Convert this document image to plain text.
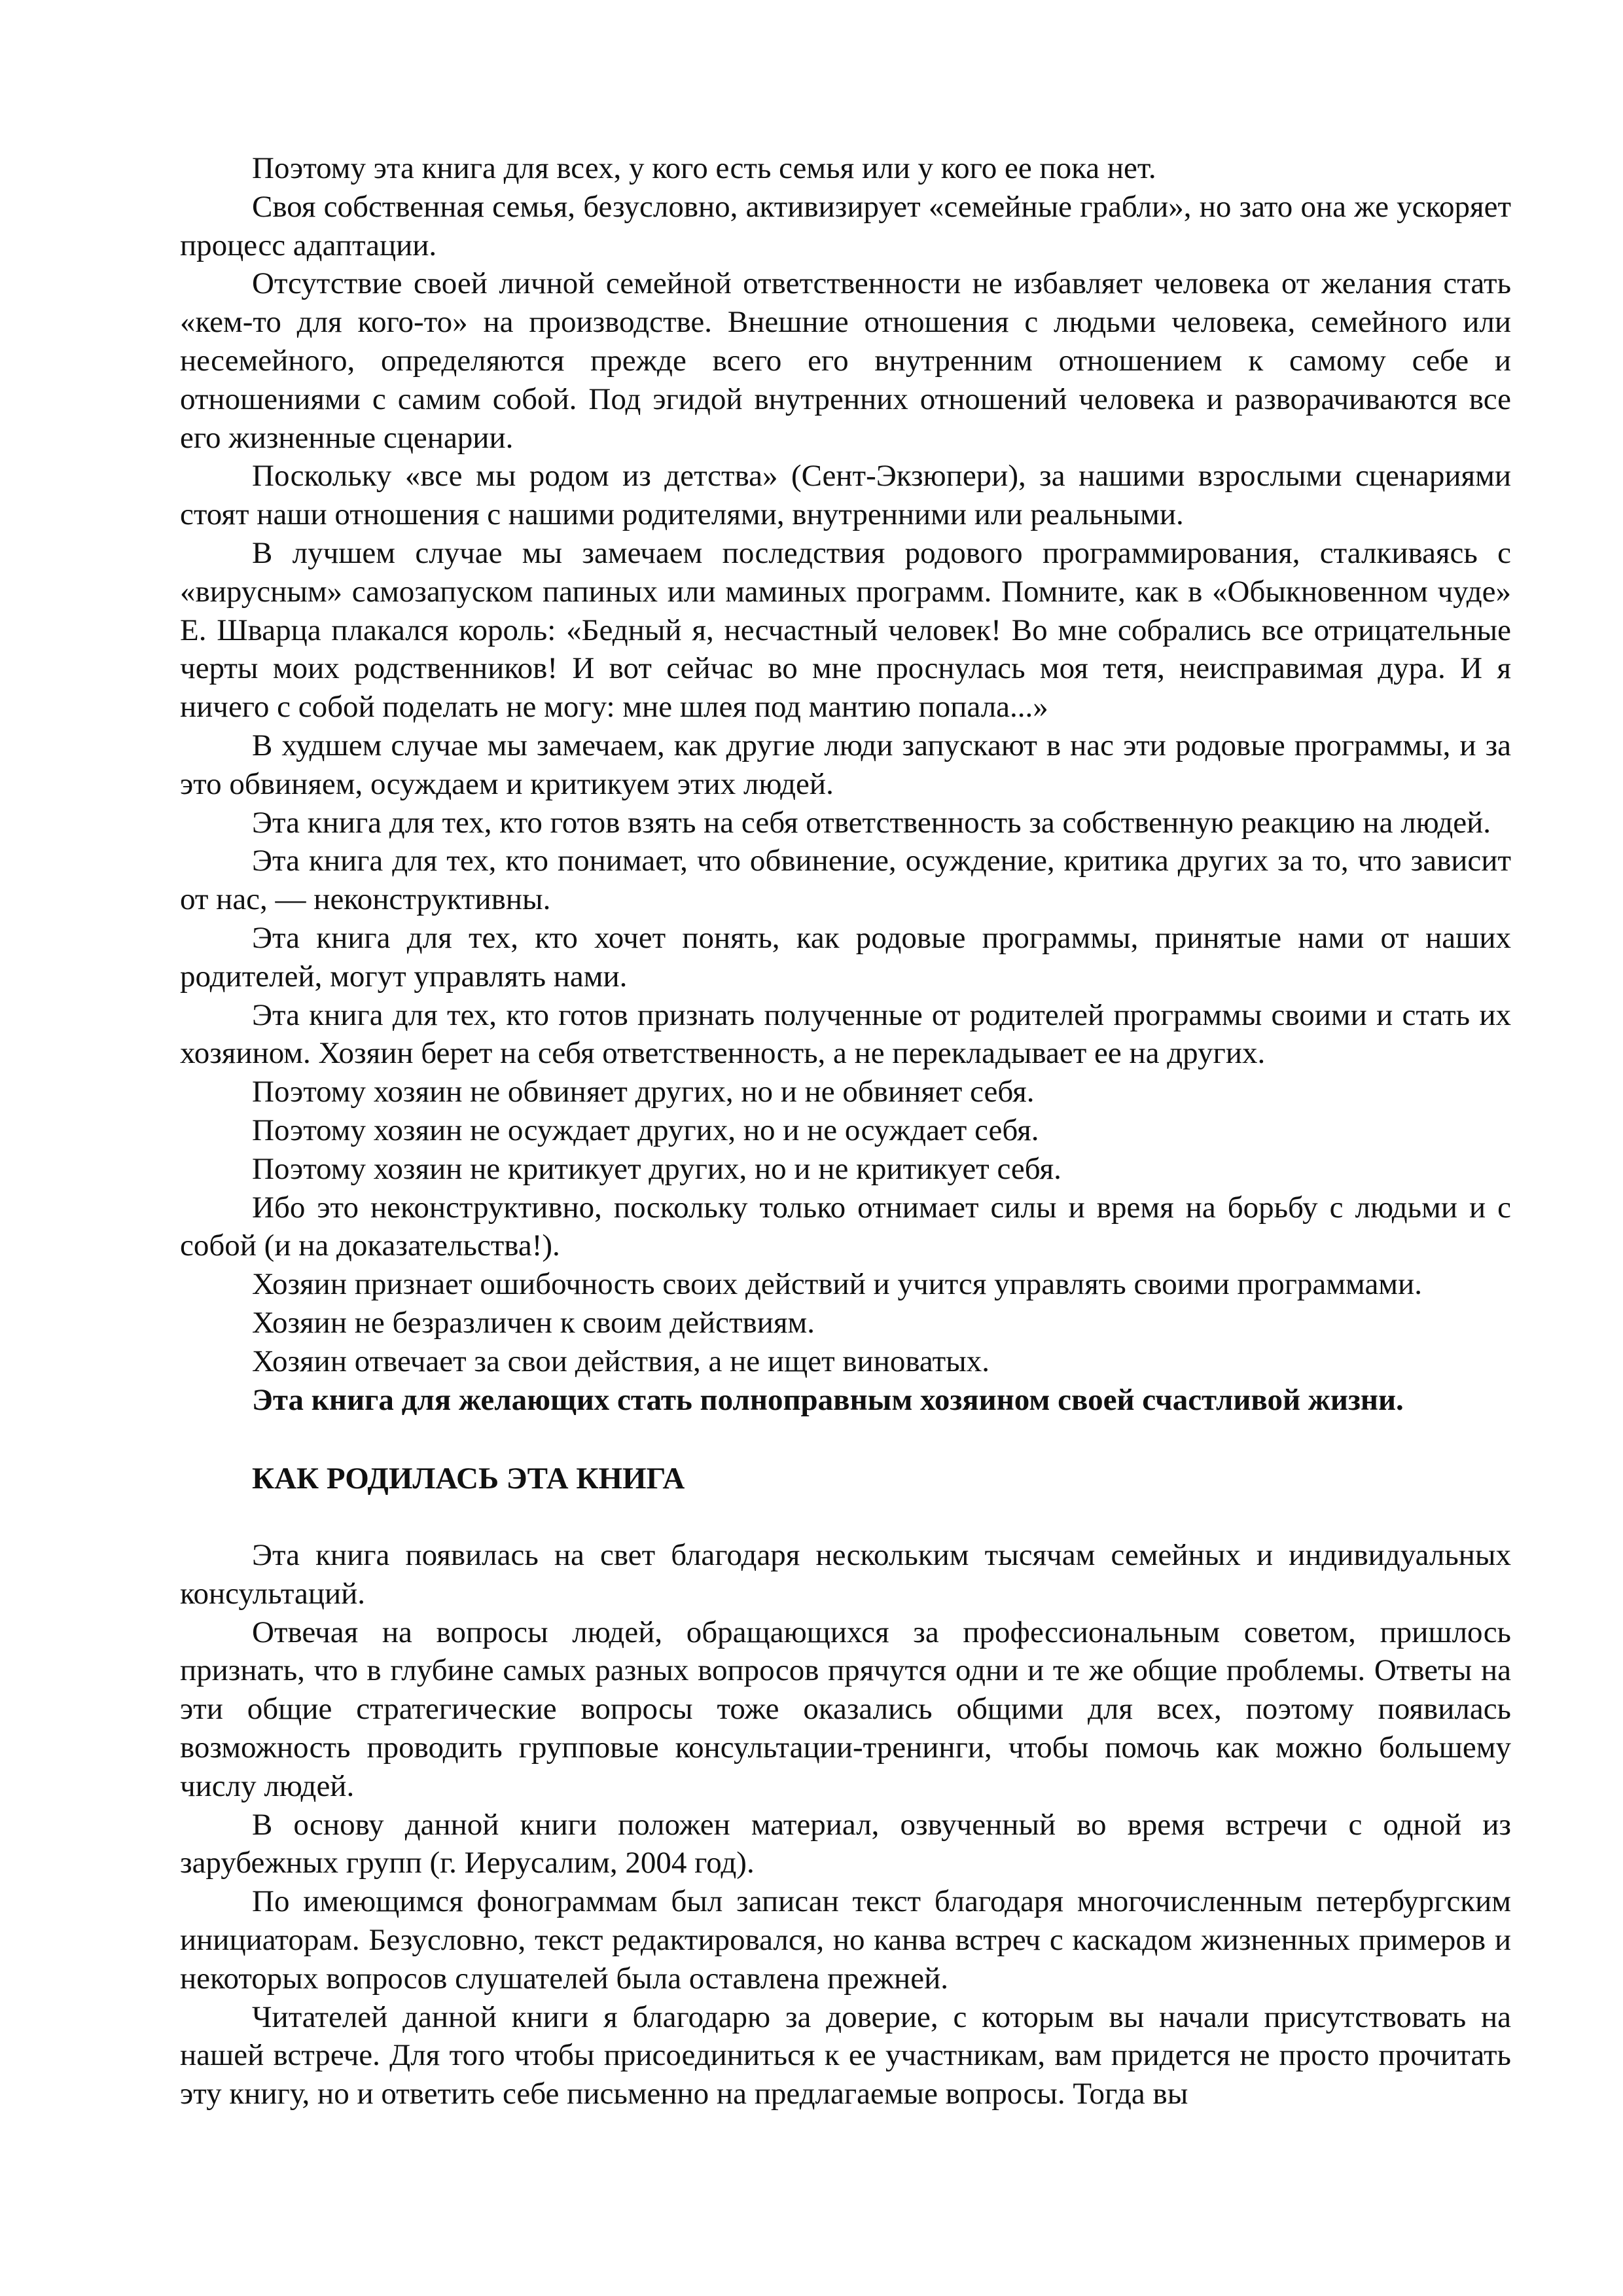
Поэтому эта книга для всех, у кого есть семья или у кого ее пока нет.

Своя собственная семья, безусловно, активизирует «семейные грабли», но зато она же ускоряет процесс адаптации.

Отсутствие своей личной семейной ответственности не избавляет человека от желания стать «кем-то для кого-то» на производстве. Внешние отношения с людьми человека, семейного или несемейного, определяются прежде всего его внутренним отношением к самому себе и отношениями с самим собой. Под эгидой внутренних отношений человека и разворачиваются все его жизненные сценарии.

Поскольку «все мы родом из детства» (Сент-Экзюпери), за нашими взрослыми сценариями стоят наши отношения с нашими родителями, внутренними или реальными.

В лучшем случае мы замечаем последствия родового программирования, сталкиваясь с «вирусным» самозапуском папиных или маминых программ. Помните, как в «Обыкновенном чуде» Е. Шварца плакался король: «Бедный я, несчастный человек! Во мне собрались все отрицательные черты моих родственников! И вот сейчас во мне проснулась моя тетя, неисправимая дура. И я ничего с собой поделать не могу: мне шлея под мантию попала...»

В худшем случае мы замечаем, как другие люди запускают в нас эти родовые программы, и за это обвиняем, осуждаем и критикуем этих людей.

Эта книга для тех, кто готов взять на себя ответственность за собственную реакцию на людей.

Эта книга для тех, кто понимает, что обвинение, осуждение, критика других за то, что зависит от нас, — неконструктивны.

Эта книга для тех, кто хочет понять, как родовые программы, принятые нами от наших родителей, могут управлять нами.

Эта книга для тех, кто готов признать полученные от родителей программы своими и стать их хозяином. Хозяин берет на себя ответственность, а не перекладывает ее на других.

Поэтому хозяин не обвиняет других, но и не обвиняет себя.

Поэтому хозяин не осуждает других, но и не осуждает себя.

Поэтому хозяин не критикует других, но и не критикует себя.

Ибо это неконструктивно, поскольку только отнимает силы и время на борьбу с людьми и с собой (и на доказательства!).

Хозяин признает ошибочность своих действий и учится управлять своими программами.

Хозяин не безразличен к своим действиям.

Хозяин отвечает за свои действия, а не ищет виноватых.

Эта книга для желающих стать полноправным хозяином своей счастливой жизни.

КАК РОДИЛАСЬ ЭТА КНИГА

Эта книга появилась на свет благодаря нескольким тысячам семейных и индивидуальных консультаций.

Отвечая на вопросы людей, обращающихся за профессиональным советом, пришлось признать, что в глубине самых разных вопросов прячутся одни и те же общие проблемы. Ответы на эти общие стратегические вопросы тоже оказались общими для всех, поэтому появилась возможность проводить групповые консультации-тренинги, чтобы помочь как можно большему числу людей.

В основу данной книги положен материал, озвученный во время встречи с одной из зарубежных групп (г. Иерусалим, 2004 год).

По имеющимся фонограммам был записан текст благодаря многочисленным петербургским инициаторам. Безусловно, текст редактировался, но канва встреч с каскадом жизненных примеров и некоторых вопросов слушателей была оставлена прежней.

Читателей данной книги я благодарю за доверие, с которым вы начали присутствовать на нашей встрече. Для того чтобы присоединиться к ее участникам, вам придется не просто прочитать эту книгу, но и ответить себе письменно на предлагаемые вопросы. Тогда вы
